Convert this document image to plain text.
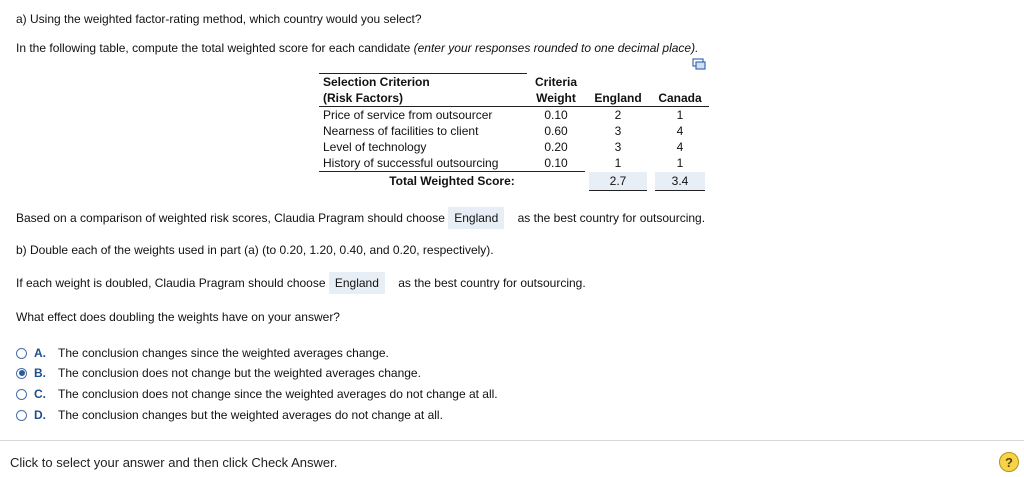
a) Using the weighted factor-rating method, which country would you select?
In the following table, compute the total weighted score for each candidate (enter your responses rounded to one decimal place).
Selection Criterion	Criteria		
(Risk Factors)	Weight	England	Canada
Price of service from outsourcer	0.10	2	1
Nearness of facilities to client	0.60	3	4
Level of technology	0.20	3	4
History of successful outsourcing	0.10	1	1
Total Weighted Score:		2.7	3.4
Based on a comparison of weighted risk scores, Claudia Pragram should choose England as the best country for outsourcing.
b) Double each of the weights used in part (a) (to 0.20, 1.20, 0.40, and 0.20, respectively).
If each weight is doubled, Claudia Pragram should choose England as the best country for outsourcing.
What effect does doubling the weights have on your answer?
A.	The conclusion changes since the weighted averages change.
B.	The conclusion does not change but the weighted averages change.
C.	The conclusion does not change since the weighted averages do not change at all.
D.	The conclusion changes but the weighted averages do not change at all.
Click to select your answer and then click Check Answer.	?
